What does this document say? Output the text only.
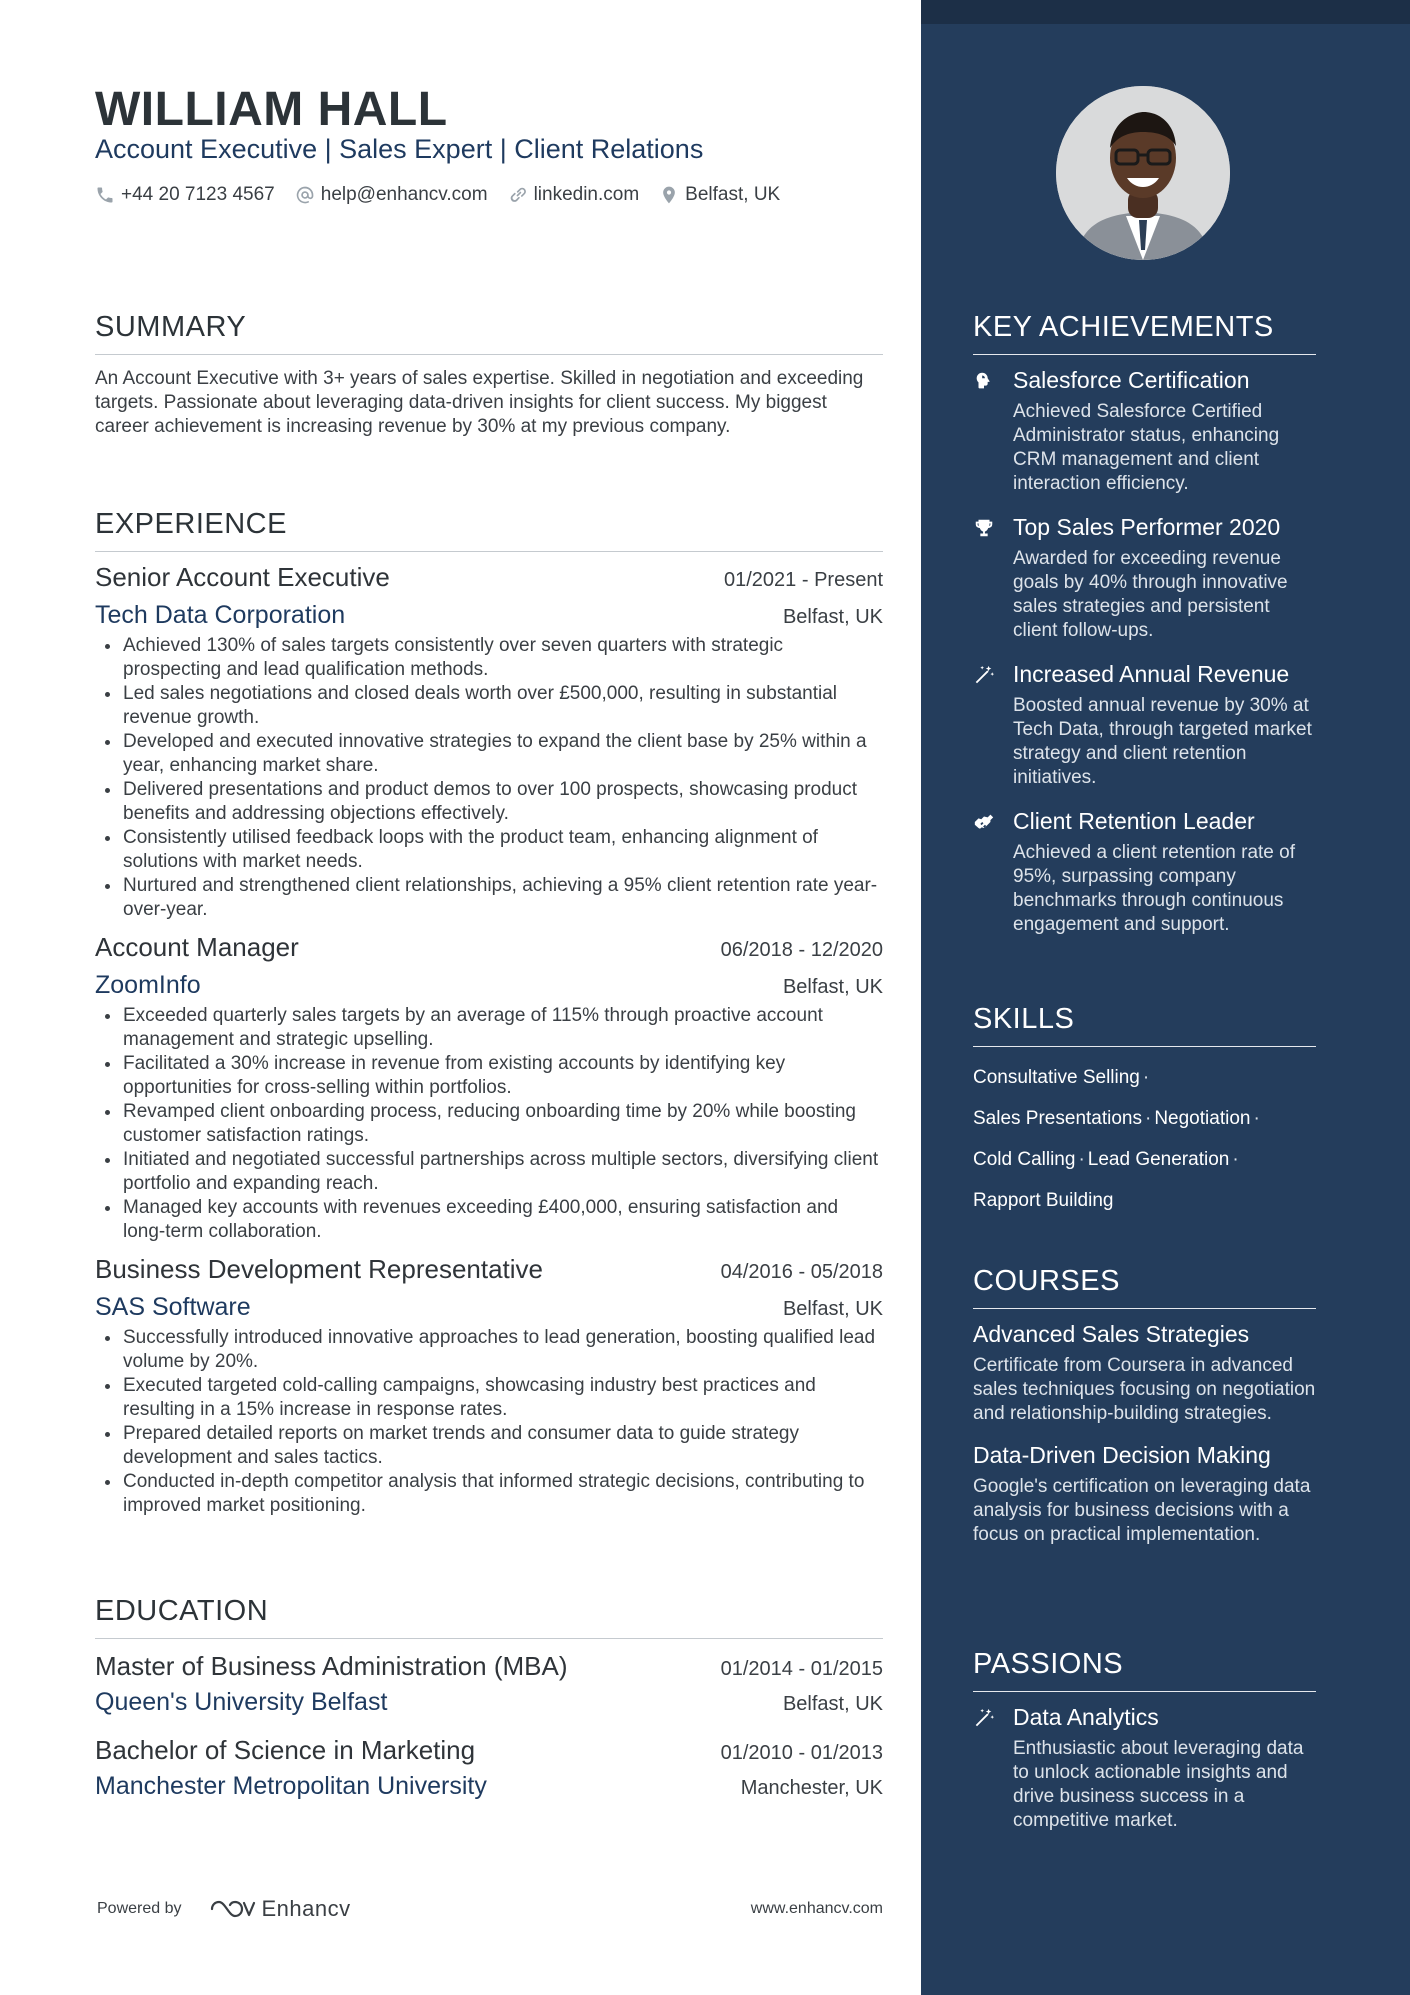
WILLIAM HALL
Account Executive | Sales Expert | Client Relations
+44 20 7123 4567 help@enhancv.com linkedin.com Belfast, UK
SUMMARY

An Account Executive with 3+ years of sales expertise. Skilled in negotiation and exceeding targets. Passionate about leveraging data-driven insights for client success. My biggest career achievement is increasing revenue by 30% at my previous company.

EXPERIENCE
Senior Account Executive	01/2021 - Present
Tech Data Corporation	Belfast, UK
• Achieved 130% of sales targets consistently over seven quarters with strategic prospecting and lead qualification methods.
• Led sales negotiations and closed deals worth over £500,000, resulting in substantial revenue growth.
• Developed and executed innovative strategies to expand the client base by 25% within a year, enhancing market share.
• Delivered presentations and product demos to over 100 prospects, showcasing product benefits and addressing objections effectively.
• Consistently utilised feedback loops with the product team, enhancing alignment of solutions with market needs.
• Nurtured and strengthened client relationships, achieving a 95% client retention rate year-over-year.
Account Manager	06/2018 - 12/2020
ZoomInfo	Belfast, UK
• Exceeded quarterly sales targets by an average of 115% through proactive account management and strategic upselling.
• Facilitated a 30% increase in revenue from existing accounts by identifying key opportunities for cross-selling within portfolios.
• Revamped client onboarding process, reducing onboarding time by 20% while boosting customer satisfaction ratings.
• Initiated and negotiated successful partnerships across multiple sectors, diversifying client portfolio and expanding reach.
• Managed key accounts with revenues exceeding £400,000, ensuring satisfaction and long-term collaboration.
Business Development Representative	04/2016 - 05/2018
SAS Software	Belfast, UK
• Successfully introduced innovative approaches to lead generation, boosting qualified lead volume by 20%.
• Executed targeted cold-calling campaigns, showcasing industry best practices and resulting in a 15% increase in response rates.
• Prepared detailed reports on market trends and consumer data to guide strategy development and sales tactics.
• Conducted in-depth competitor analysis that informed strategic decisions, contributing to improved market positioning.
EDUCATION
Master of Business Administration (MBA)	01/2014 - 01/2015
Queen's University Belfast	Belfast, UK
Bachelor of Science in Marketing	01/2010 - 01/2013
Manchester Metropolitan University	Manchester, UK
Powered by	Enhancv	www.enhancv.com
KEY ACHIEVEMENTS
Salesforce Certification
Achieved Salesforce Certified Administrator status, enhancing CRM management and client interaction efficiency.
Top Sales Performer 2020
Awarded for exceeding revenue goals by 40% through innovative sales strategies and persistent client follow-ups.
Increased Annual Revenue
Boosted annual revenue by 30% at Tech Data, through targeted market strategy and client retention initiatives.
Client Retention Leader
Achieved a client retention rate of 95%, surpassing company benchmarks through continuous engagement and support.
SKILLS
Consultative Selling ·
Sales Presentations · Negotiation ·
Cold Calling · Lead Generation ·
Rapport Building
COURSES
Advanced Sales Strategies
Certificate from Coursera in advanced sales techniques focusing on negotiation and relationship-building strategies.
Data-Driven Decision Making
Google's certification on leveraging data analysis for business decisions with a focus on practical implementation.
PASSIONS
Data Analytics
Enthusiastic about leveraging data to unlock actionable insights and drive business success in a competitive market.
